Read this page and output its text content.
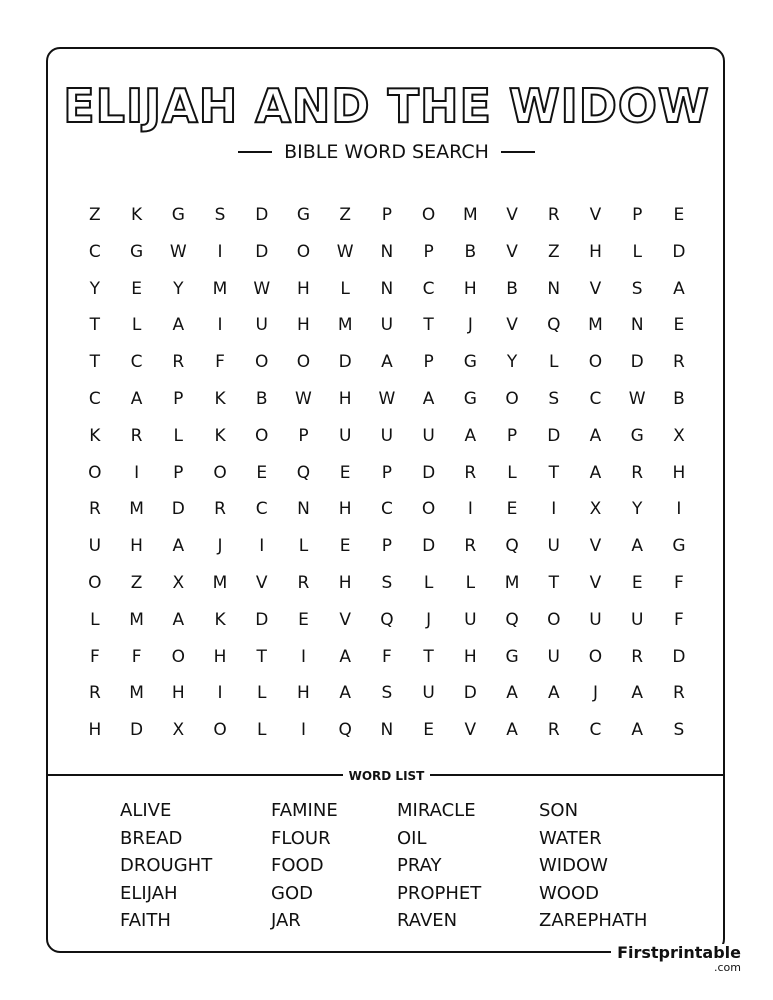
ELIJAH AND THE WIDOW
BIBLE WORD SEARCH
Z	K	G	S	D	G	Z	P	O	M	V	R	V	P	E
C	G	W	I	D	O	W	N	P	B	V	Z	H	L	D
Y	E	Y	M	W	H	L	N	C	H	B	N	V	S	A
T	L	A	I	U	H	M	U	T	J	V	Q	M	N	E
T	C	R	F	O	O	D	A	P	G	Y	L	O	D	R
C	A	P	K	B	W	H	W	A	G	O	S	C	W	B
K	R	L	K	O	P	U	U	U	A	P	D	A	G	X
O	I	P	O	E	Q	E	P	D	R	L	T	A	R	H
R	M	D	R	C	N	H	C	O	I	E	I	X	Y	I
U	H	A	J	I	L	E	P	D	R	Q	U	V	A	G
O	Z	X	M	V	R	H	S	L	L	M	T	V	E	F
L	M	A	K	D	E	V	Q	J	U	Q	O	U	U	F
F	F	O	H	T	I	A	F	T	H	G	U	O	R	D
R	M	H	I	L	H	A	S	U	D	A	A	J	A	R
H	D	X	O	L	I	Q	N	E	V	A	R	C	A	S
WORD LIST
ALIVE
BREAD
DROUGHT
ELIJAH
FAITH
FAMINE
FLOUR
FOOD
GOD
JAR
MIRACLE
OIL
PRAY
PROPHET
RAVEN
SON
WATER
WIDOW
WOOD
ZAREPHATH
Firstprintable
.com
